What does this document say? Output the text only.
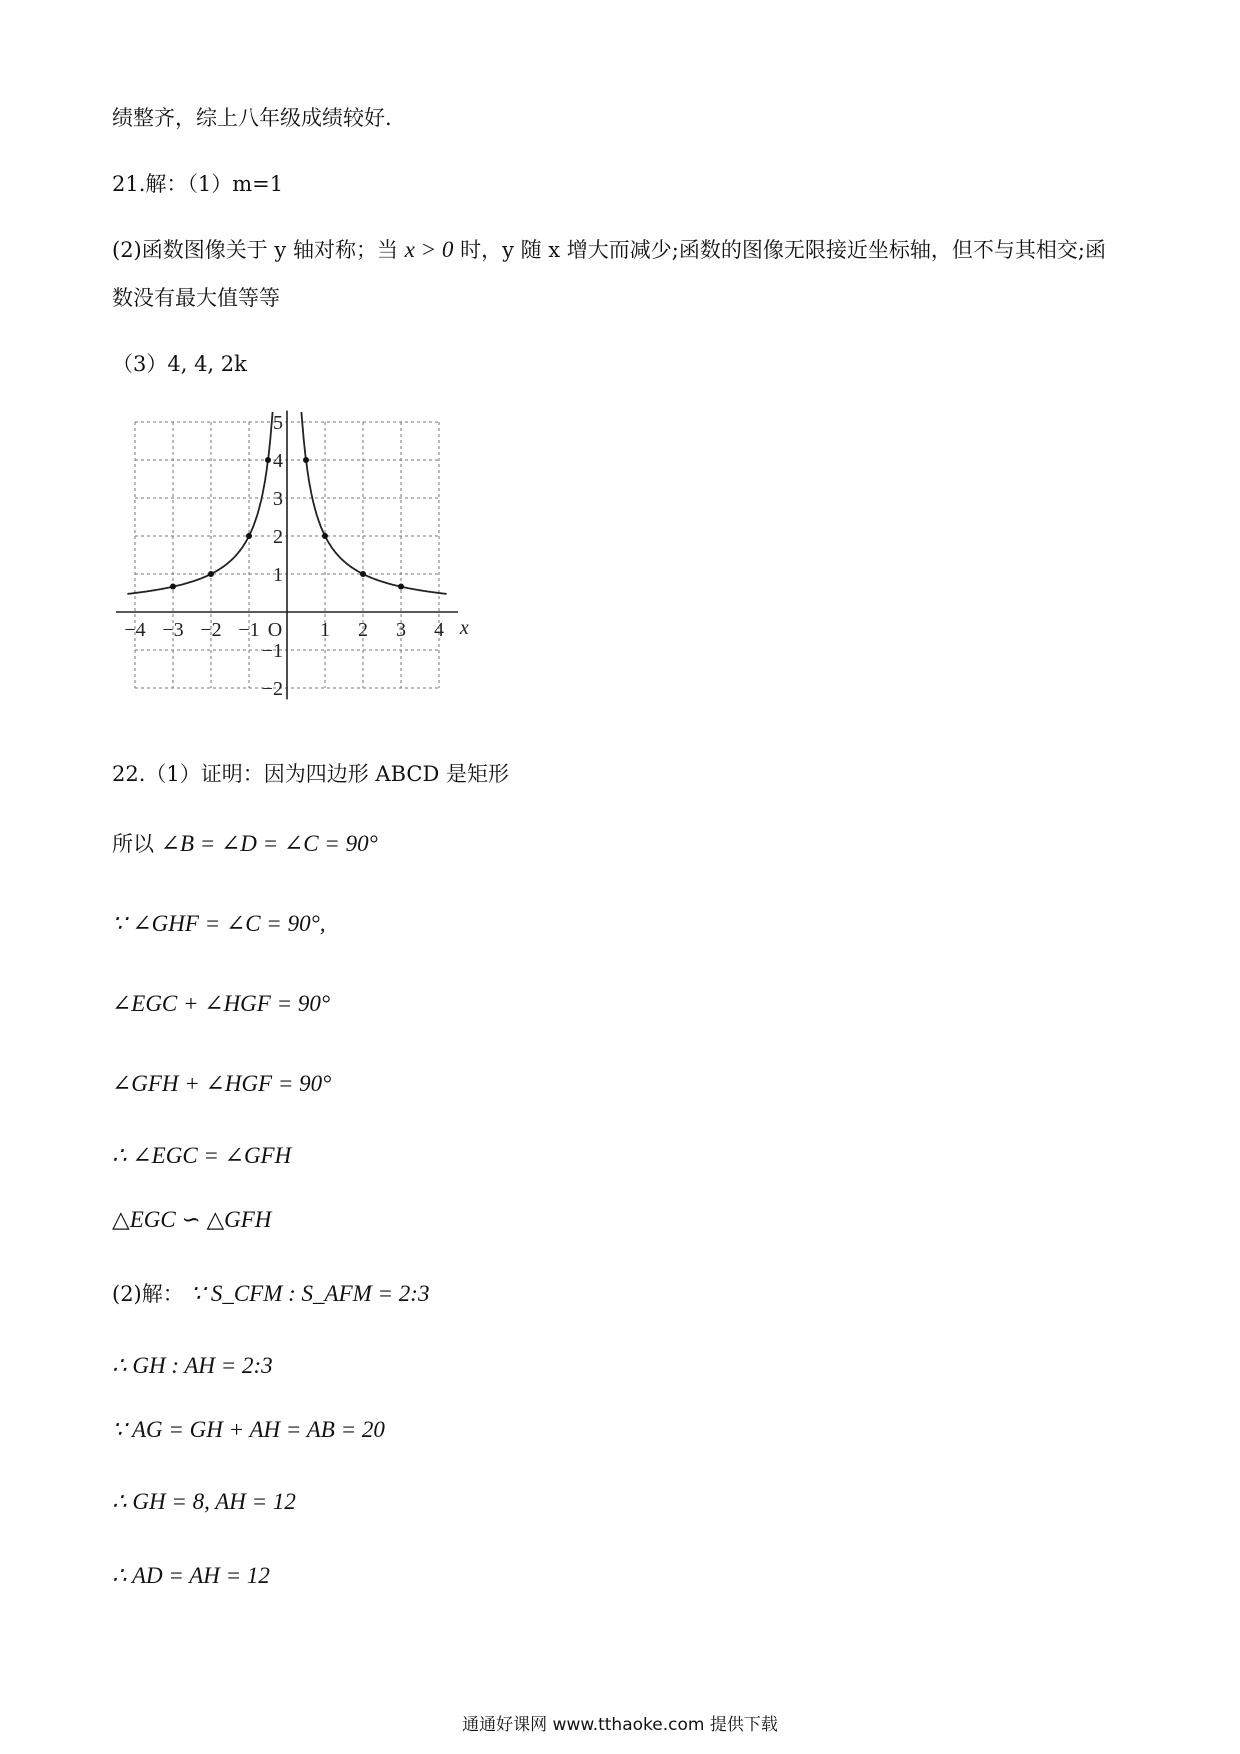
绩整齐，综上八年级成绩较好.
21.解：（1）m=1
(2)函数图像关于 y 轴对称；当 x > 0 时，y 随 x 增大而减少;函数的图像无限接近坐标轴，但不与其相交;函
数没有最大值等等
（3）4, 4, 2k
−4 −3 −2 −1 O 1 2 3 4 x
5
4
3
2
1
−1
−2
22.（1）证明：因为四边形 ABCD 是矩形
所以 ∠B = ∠D = ∠C = 90°
∵ ∠GHF = ∠C = 90°,
∠EGC + ∠HGF = 90°
∠GFH + ∠HGF = 90°
∴ ∠EGC = ∠GFH
△EGC ∽ △GFH
(2)解： ∵ S_CFM : S_AFM = 2:3
∴ GH : AH = 2:3
∵ AG = GH + AH = AB = 20
∴ GH = 8, AH = 12
∴ AD = AH = 12
通通好课网 www.tthaoke.com 提供下载
